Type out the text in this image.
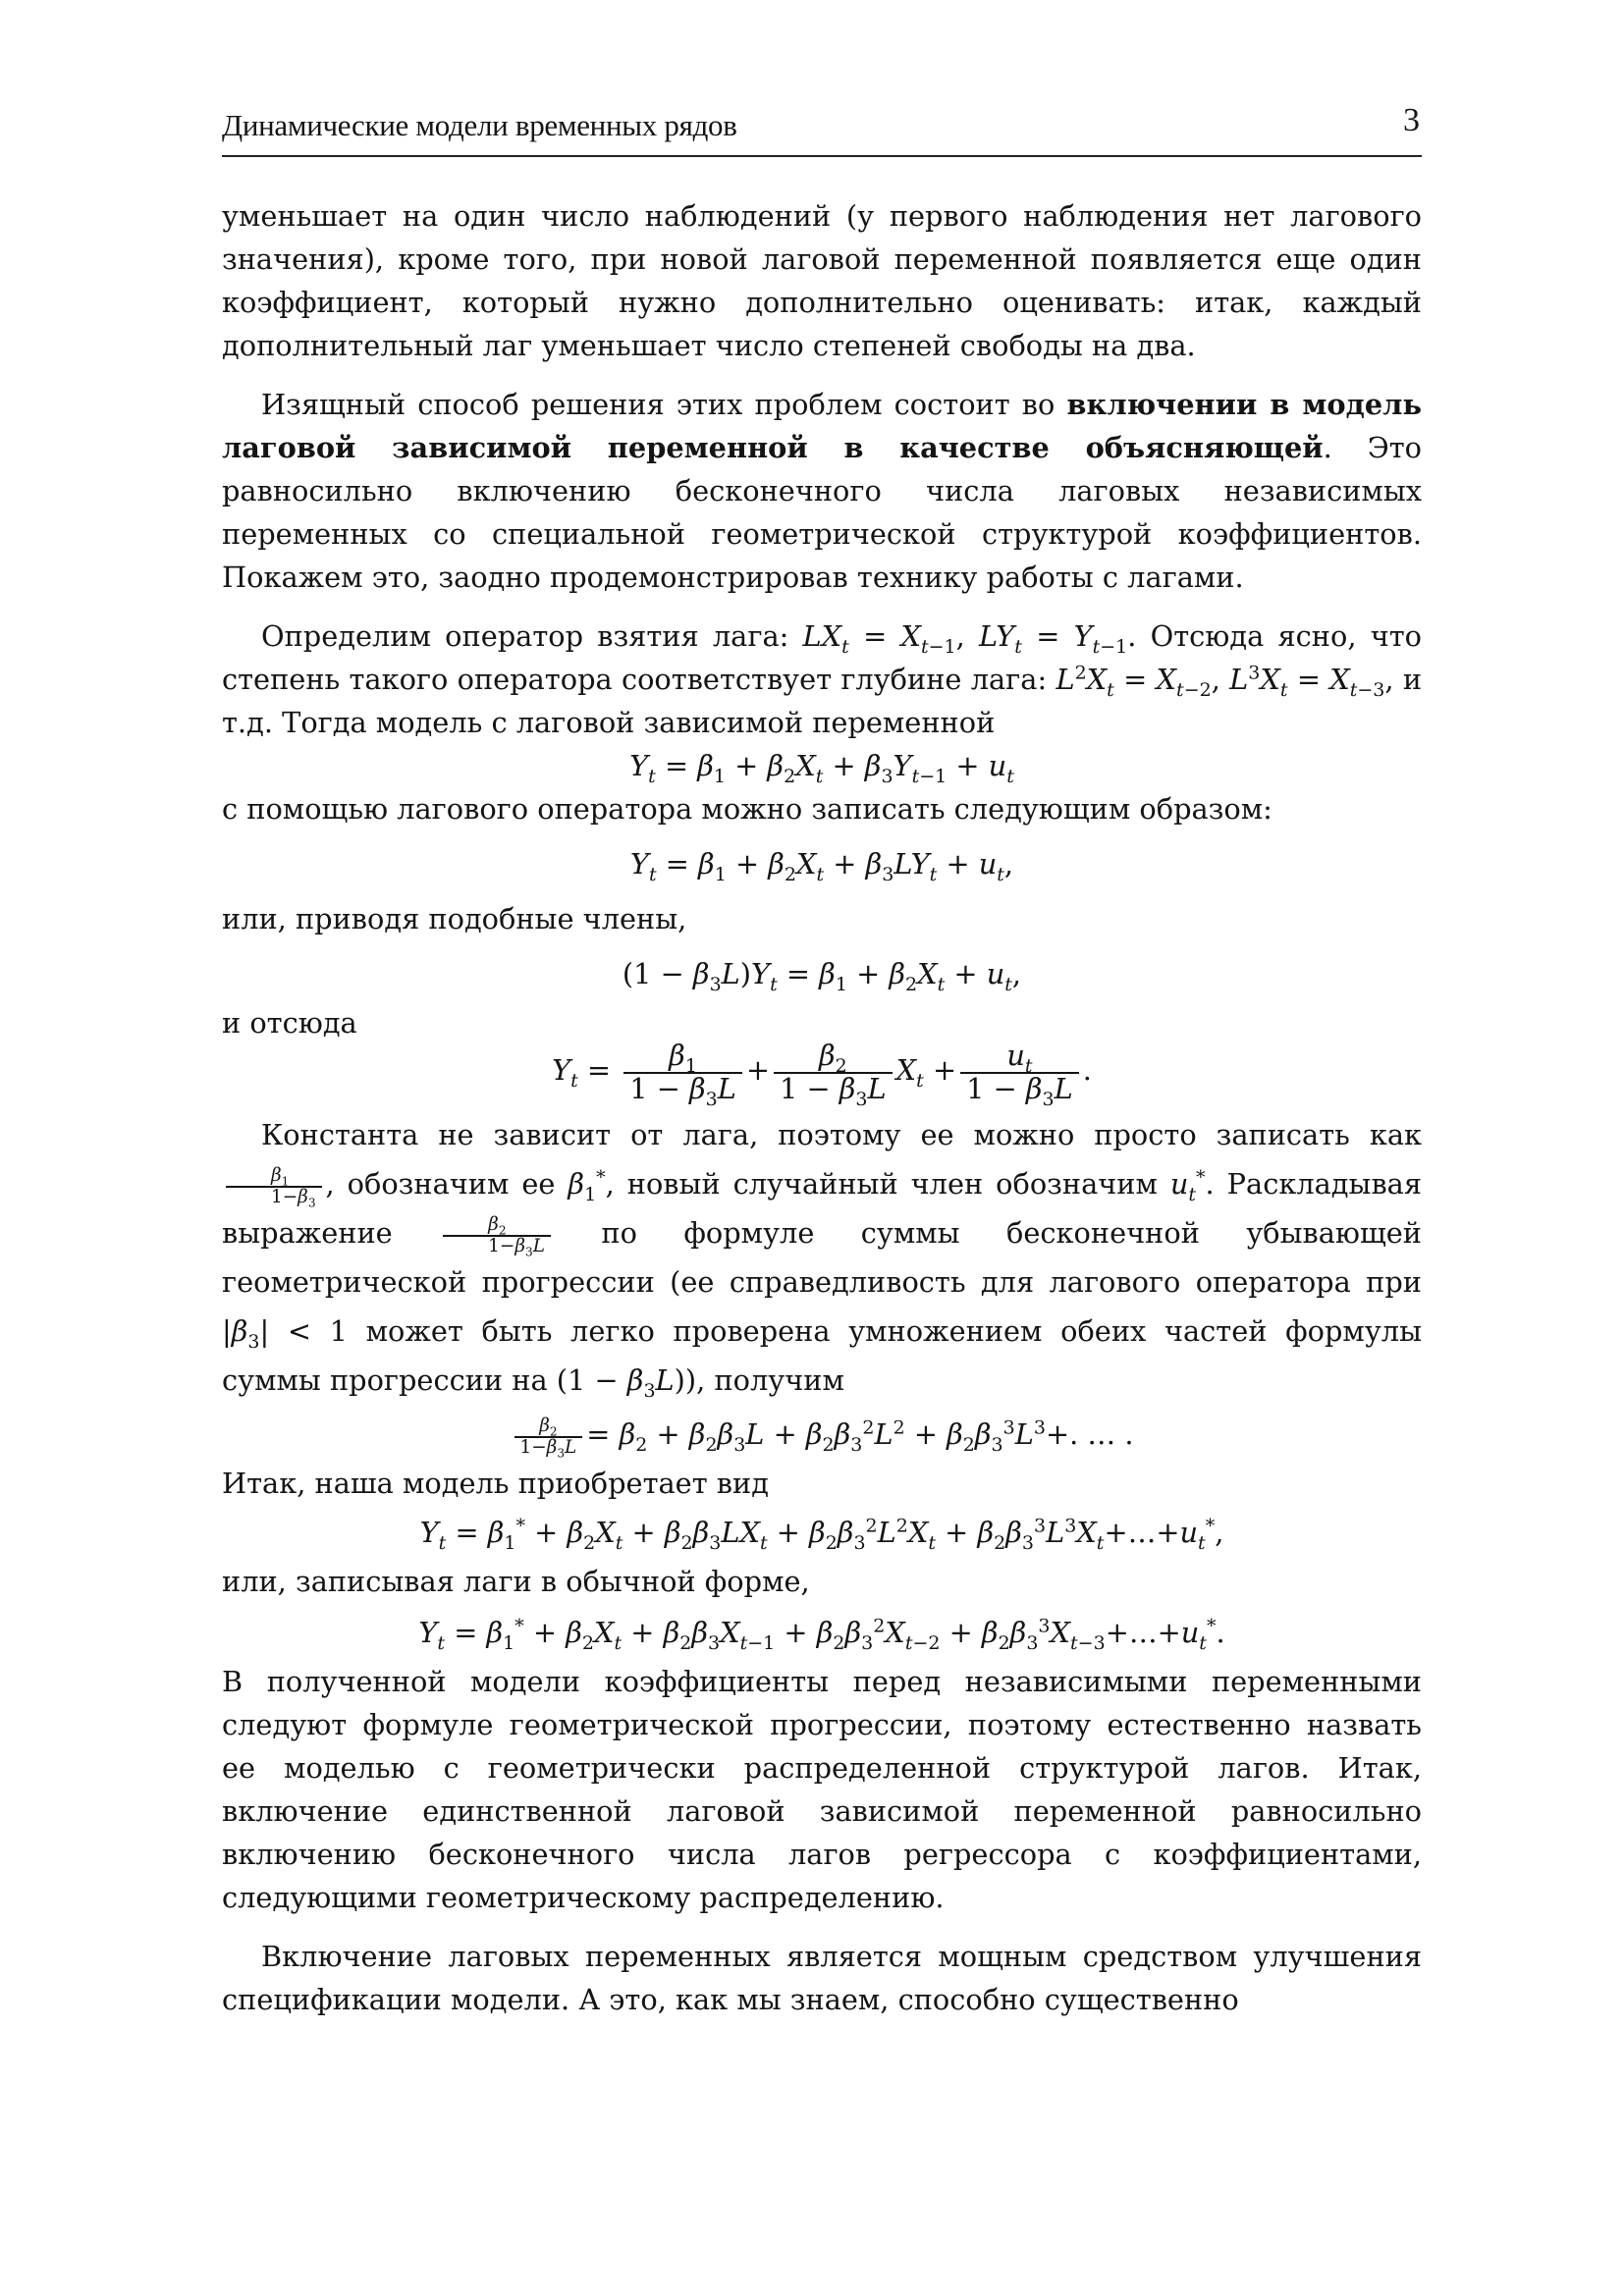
Динамические модели временных рядов	3

уменьшает на один число наблюдений (у первого наблюдения нет лагового значения), кроме того, при новой лаговой переменной появляется еще один коэффициент, который нужно дополнительно оценивать: итак, каждый дополнительный лаг уменьшает число степеней свободы на два.

Изящный способ решения этих проблем состоит во включении в модель лаговой зависимой переменной в качестве объясняющей. Это равносильно включению бесконечного числа лаговых независимых переменных со специальной геометрической структурой коэффициентов. Покажем это, заодно продемонстрировав технику работы с лагами.

Определим оператор взятия лага: $LX_t = X_{t-1}$, $LY_t = Y_{t-1}$. Отсюда ясно, что степень такого оператора соответствует глубине лага: $L^2X_t = X_{t-2}$, $L^3X_t = X_{t-3}$, и т.д. Тогда модель с лаговой зависимой переменной

$Y_t = \beta_1 + \beta_2X_t + \beta_3Y_{t-1} + u_t$

с помощью лагового оператора можно записать следующим образом:

$Y_t = \beta_1 + \beta_2X_t + \beta_3LY_t + u_t$,

или, приводя подобные члены,

$(1 - \beta_3L)Y_t = \beta_1 + \beta_2X_t + u_t$,

и отсюда

$Y_t = \frac{\beta_1}{1 - \beta_3L} + \frac{\beta_2}{1 - \beta_3L} X_t + \frac{u_t}{1 - \beta_3L}$ .

Константа не зависит от лага, поэтому ее можно просто записать как
$\frac{\beta_1}{1-\beta_3}$ , обозначим ее $\beta_1^*$, новый случайный член обозначим $u_t^*$. Раскладывая выражение $\frac{\beta_2}{1-\beta_3L}$ по формуле суммы бесконечной убывающей геометрической прогрессии (ее справедливость для лагового оператора при $|\beta_3| < 1$ может быть легко проверена умножением обеих частей формулы суммы прогрессии на $(1 - \beta_3L)$), получим

$\frac{\beta_2}{1-\beta_3L} = \beta_2 + \beta_2\beta_3L + \beta_2\beta_3^2L^2 + \beta_2\beta_3^3L^3+$. … .

Итак, наша модель приобретает вид

$Y_t = \beta_1^* + \beta_2X_t + \beta_2\beta_3LX_t + \beta_2\beta_3^2L^2X_t$ + $\beta_2\beta_3^3L^3X_t+\dots+u_t^*$,

или, записывая лаги в обычной форме,

$Y_t = \beta_1^* + \beta_2X_t + \beta_2\beta_3X_{t-1} + \beta_2\beta_3^2X_{t-2}$ + $\beta_2\beta_3^3X_{t-3}+\dots+u_t^*$.

В полученной модели коэффициенты перед независимыми переменными следуют формуле геометрической прогрессии, поэтому естественно назвать ее моделью с геометрически распределенной структурой лагов. Итак, включение единственной лаговой зависимой переменной равносильно включению бесконечного числа лагов регрессора с коэффициентами, следующими геометрическому распределению.

Включение лаговых переменных является мощным средством улучшения спецификации модели. А это, как мы знаем, способно существенно
